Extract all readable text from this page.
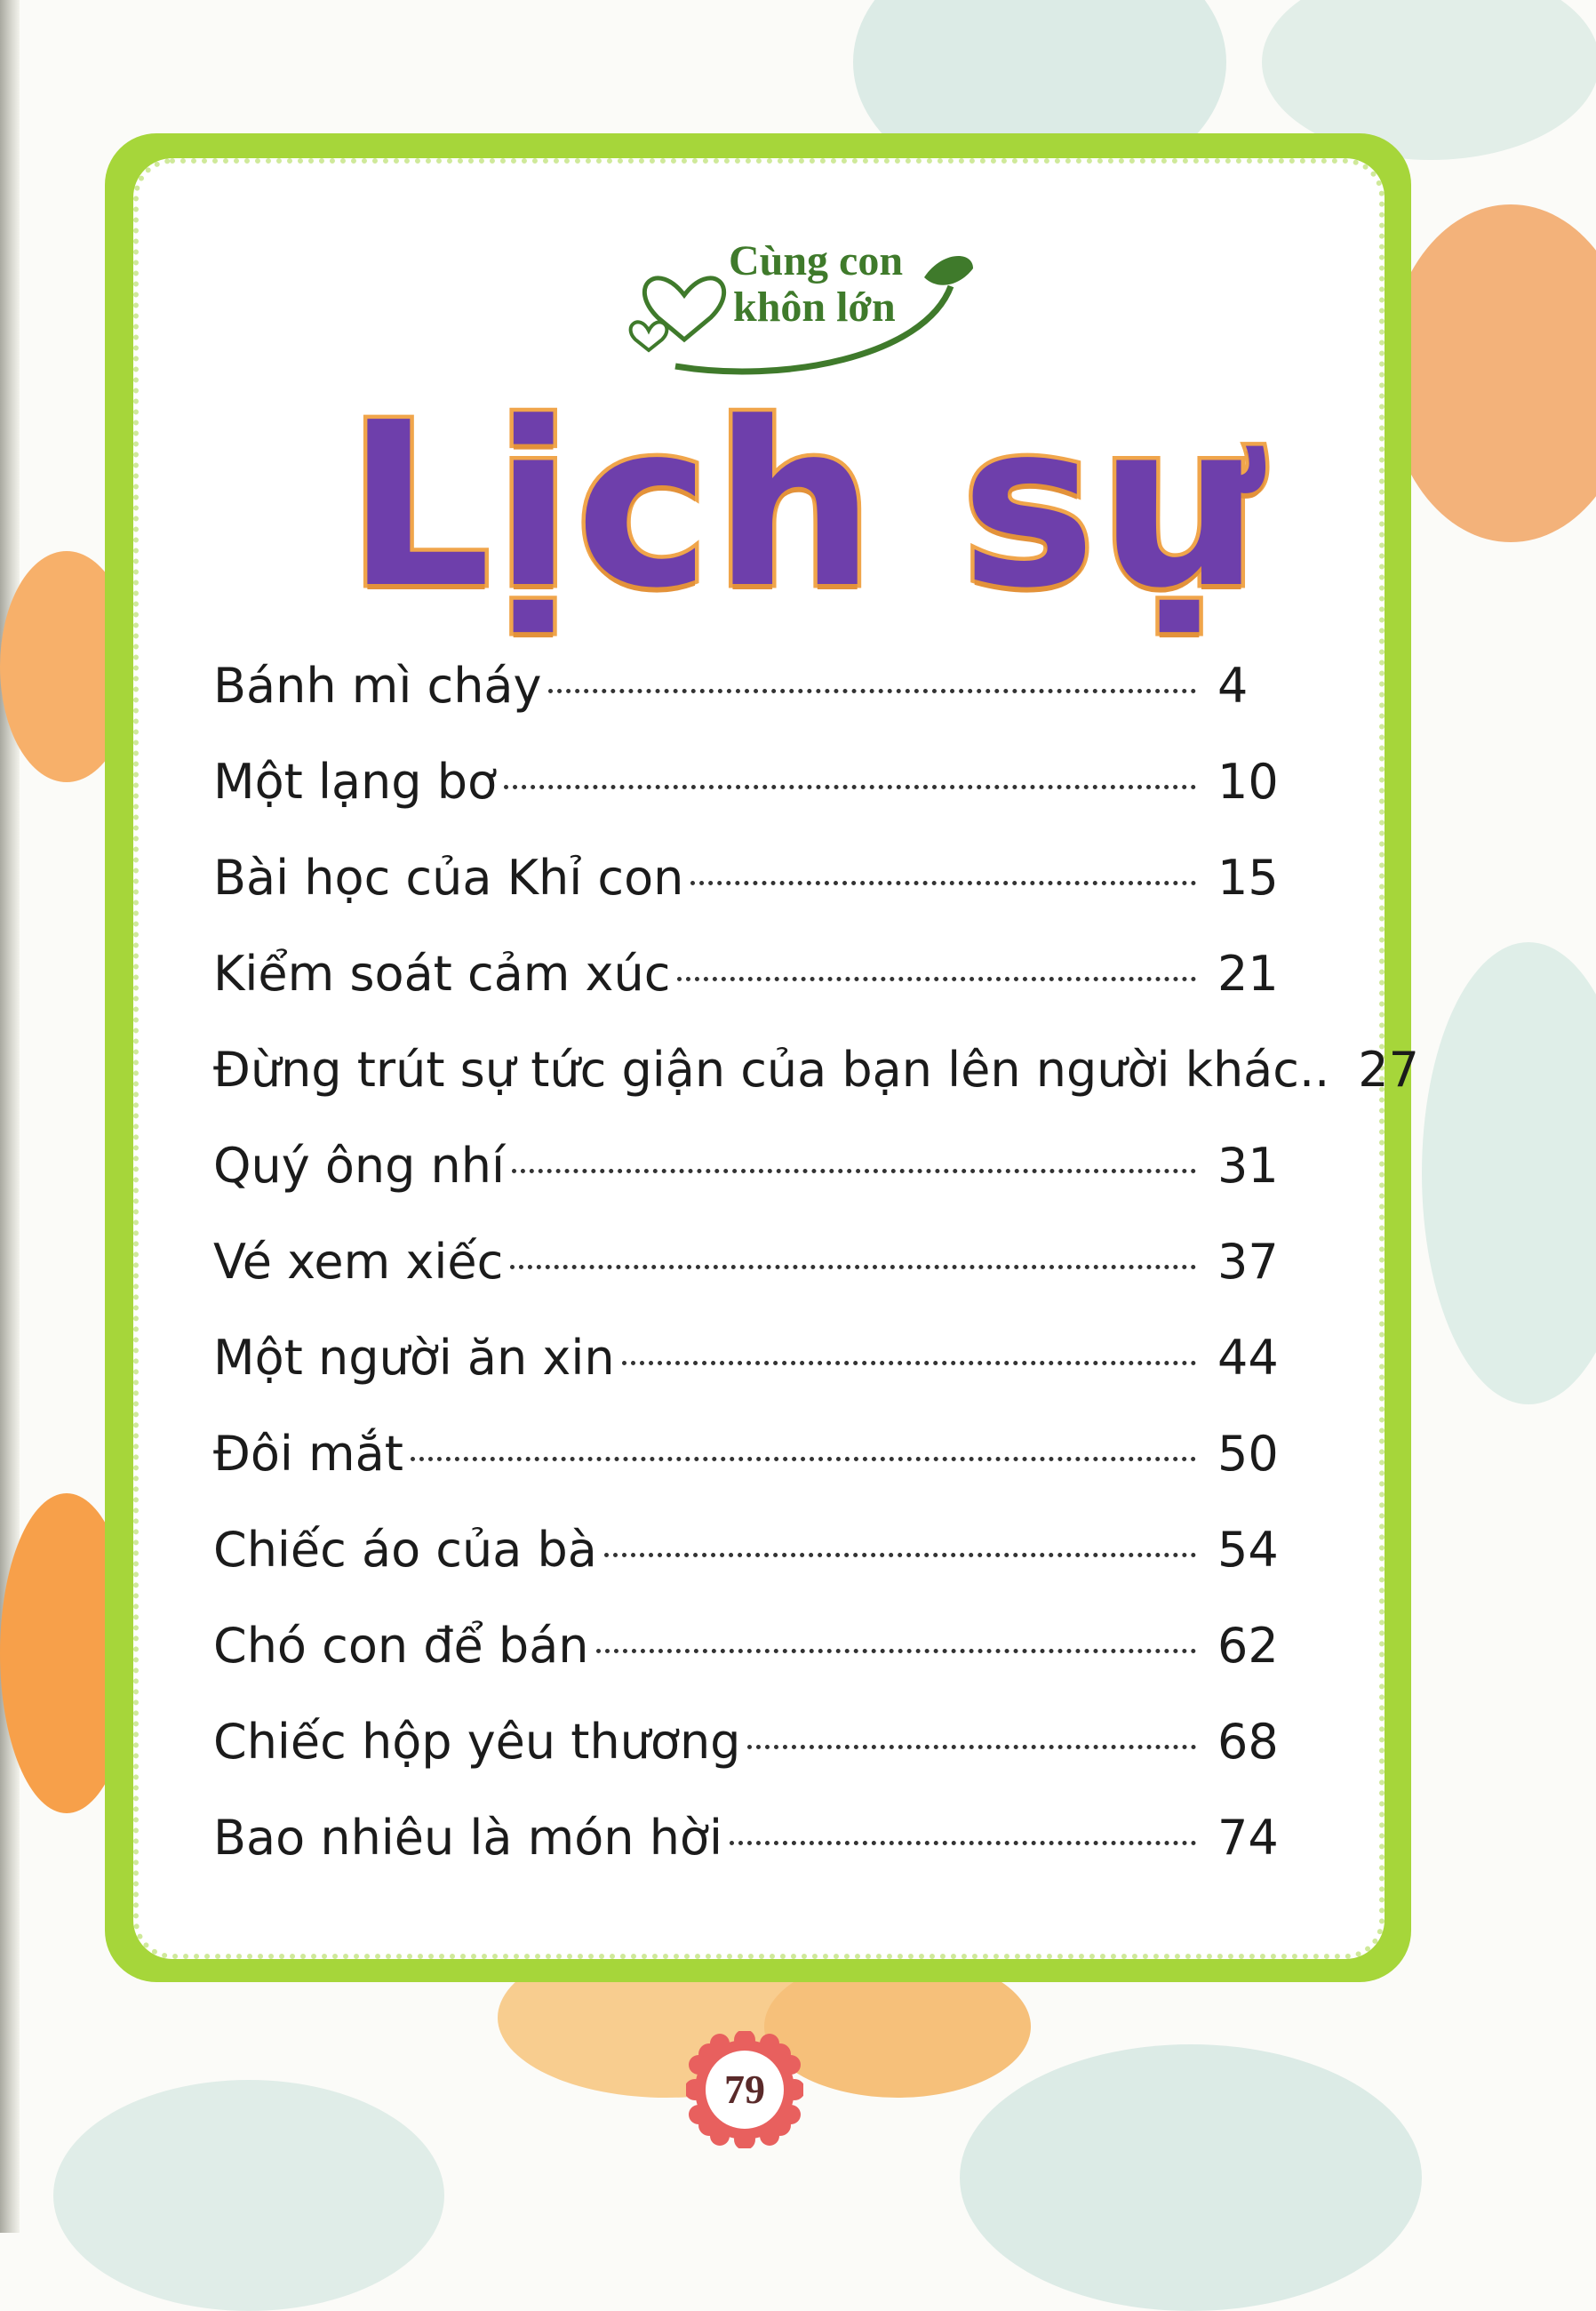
Cùng con
khôn lớn
Lịch sự
Bánh mì cháy	4
Một lạng bơ	10
Bài học của Khỉ con	15
Kiểm soát cảm xúc	21
Đừng trút sự tức giận của bạn lên người khác.. 27
Quý ông nhí	31
Vé xem xiếc	37
Một người ăn xin	44
Đôi mắt	50
Chiếc áo của bà	54
Chó con để bán	62
Chiếc hộp yêu thương	68
Bao nhiêu là món hời	74
79
